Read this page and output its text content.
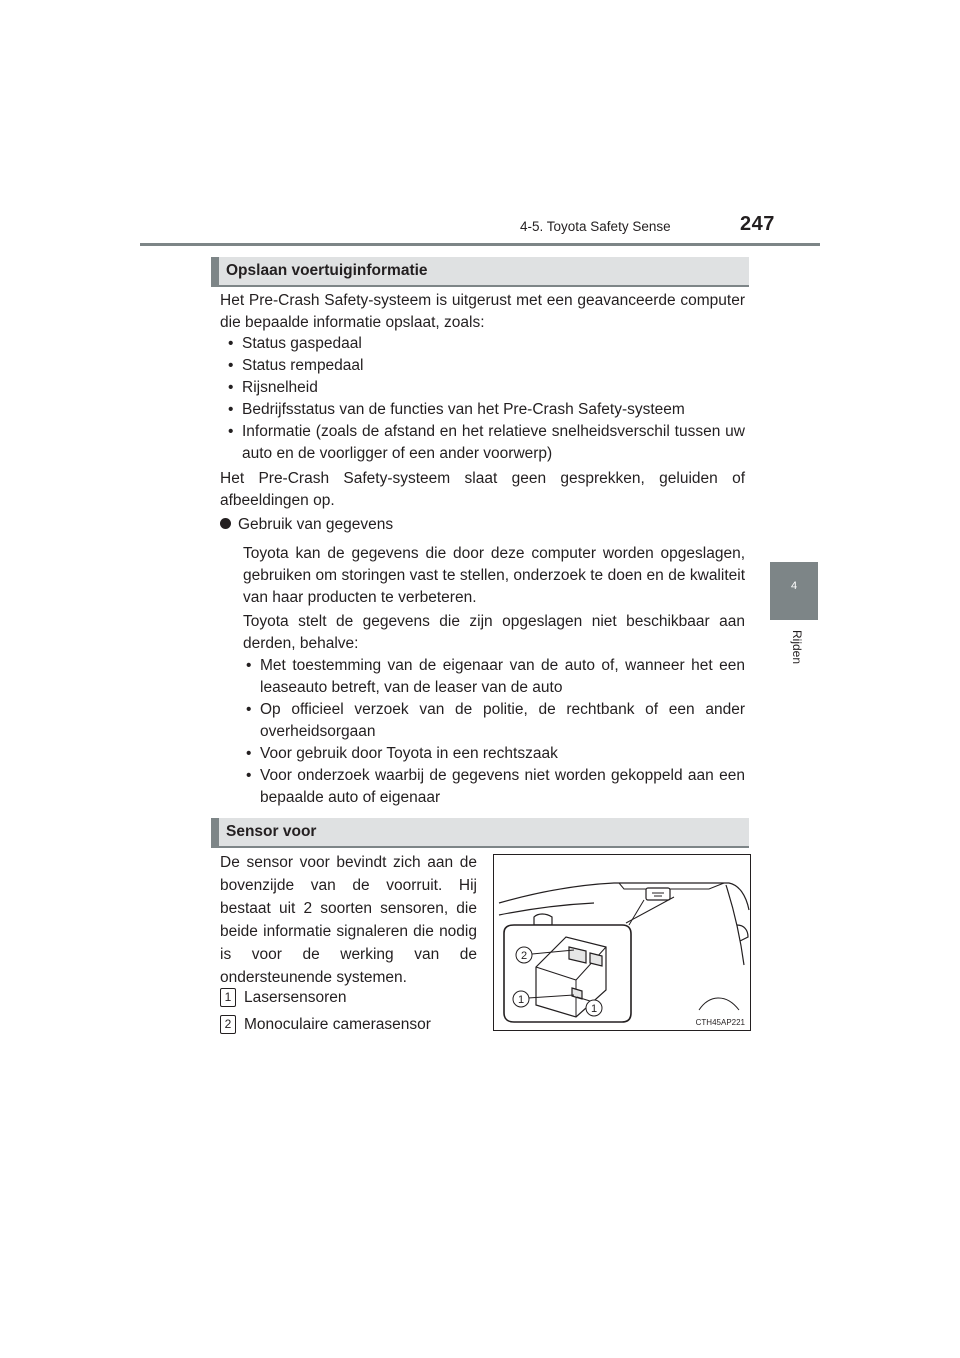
4-5. Toyota Safety Sense	247
4
Rijden
Opslaan voertuiginformatie
Het Pre-Crash Safety-systeem is uitgerust met een geavanceerde computer die bepaalde informatie opslaat, zoals:
• Status gaspedaal
• Status rempedaal
• Rijsnelheid
• Bedrijfsstatus van de functies van het Pre-Crash Safety-systeem
• Informatie (zoals de afstand en het relatieve snelheidsverschil tussen uw auto en de voorligger of een ander voorwerp)
Het Pre-Crash Safety-systeem slaat geen gesprekken, geluiden of afbeeldingen op.
Gebruik van gegevens
Toyota kan de gegevens die door deze computer worden opgeslagen, gebruiken om storingen vast te stellen, onderzoek te doen en de kwaliteit van haar producten te verbeteren.
Toyota stelt de gegevens die zijn opgeslagen niet beschikbaar aan derden, behalve:
• Met toestemming van de eigenaar van de auto of, wanneer het een leaseauto betreft, van de leaser van de auto
• Op officieel verzoek van de politie, de rechtbank of een ander overheidsorgaan
• Voor gebruik door Toyota in een rechtszaak
• Voor onderzoek waarbij de gegevens niet worden gekoppeld aan een bepaalde auto of eigenaar
Sensor voor
De sensor voor bevindt zich aan de bovenzijde van de voorruit. Hij bestaat uit 2 soorten sensoren, die beide informatie signaleren die nodig is voor de werking van de ondersteunende systemen.
1 Lasersensoren
2 Monoculaire camerasensor
2
1
1
CTH45AP221
